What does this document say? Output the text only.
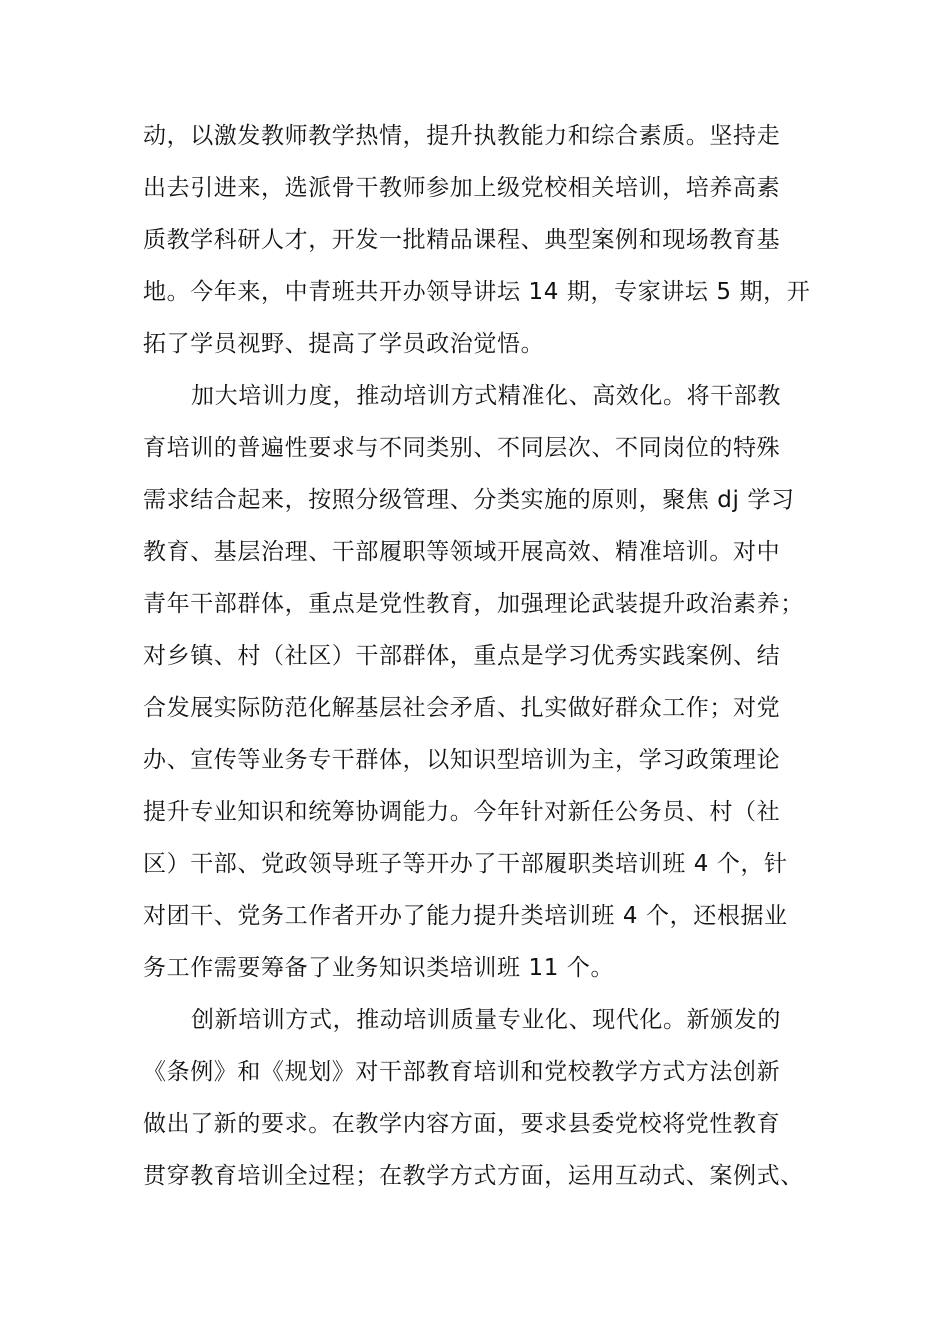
动，以激发教师教学热情，提升执教能力和综合素质。坚持走
出去引进来，选派骨干教师参加上级党校相关培训，培养高素
质教学科研人才，开发一批精品课程、典型案例和现场教育基
地。今年来，中青班共开办领导讲坛 14 期，专家讲坛 5 期，开
拓了学员视野、提高了学员政治觉悟。
加大培训力度，推动培训方式精准化、高效化。将干部教
育培训的普遍性要求与不同类别、不同层次、不同岗位的特殊
需求结合起来，按照分级管理、分类实施的原则，聚焦 dj 学习
教育、基层治理、干部履职等领域开展高效、精准培训。对中
青年干部群体，重点是党性教育，加强理论武装提升政治素养；
对乡镇、村（社区）干部群体，重点是学习优秀实践案例、结
合发展实际防范化解基层社会矛盾、扎实做好群众工作；对党
办、宣传等业务专干群体，以知识型培训为主，学习政策理论
提升专业知识和统筹协调能力。今年针对新任公务员、村（社
区）干部、党政领导班子等开办了干部履职类培训班 4 个，针
对团干、党务工作者开办了能力提升类培训班 4 个，还根据业
务工作需要筹备了业务知识类培训班 11 个。
创新培训方式，推动培训质量专业化、现代化。新颁发的
《条例》和《规划》对干部教育培训和党校教学方式方法创新
做出了新的要求。在教学内容方面，要求县委党校将党性教育
贯穿教育培训全过程；在教学方式方面，运用互动式、案例式、
